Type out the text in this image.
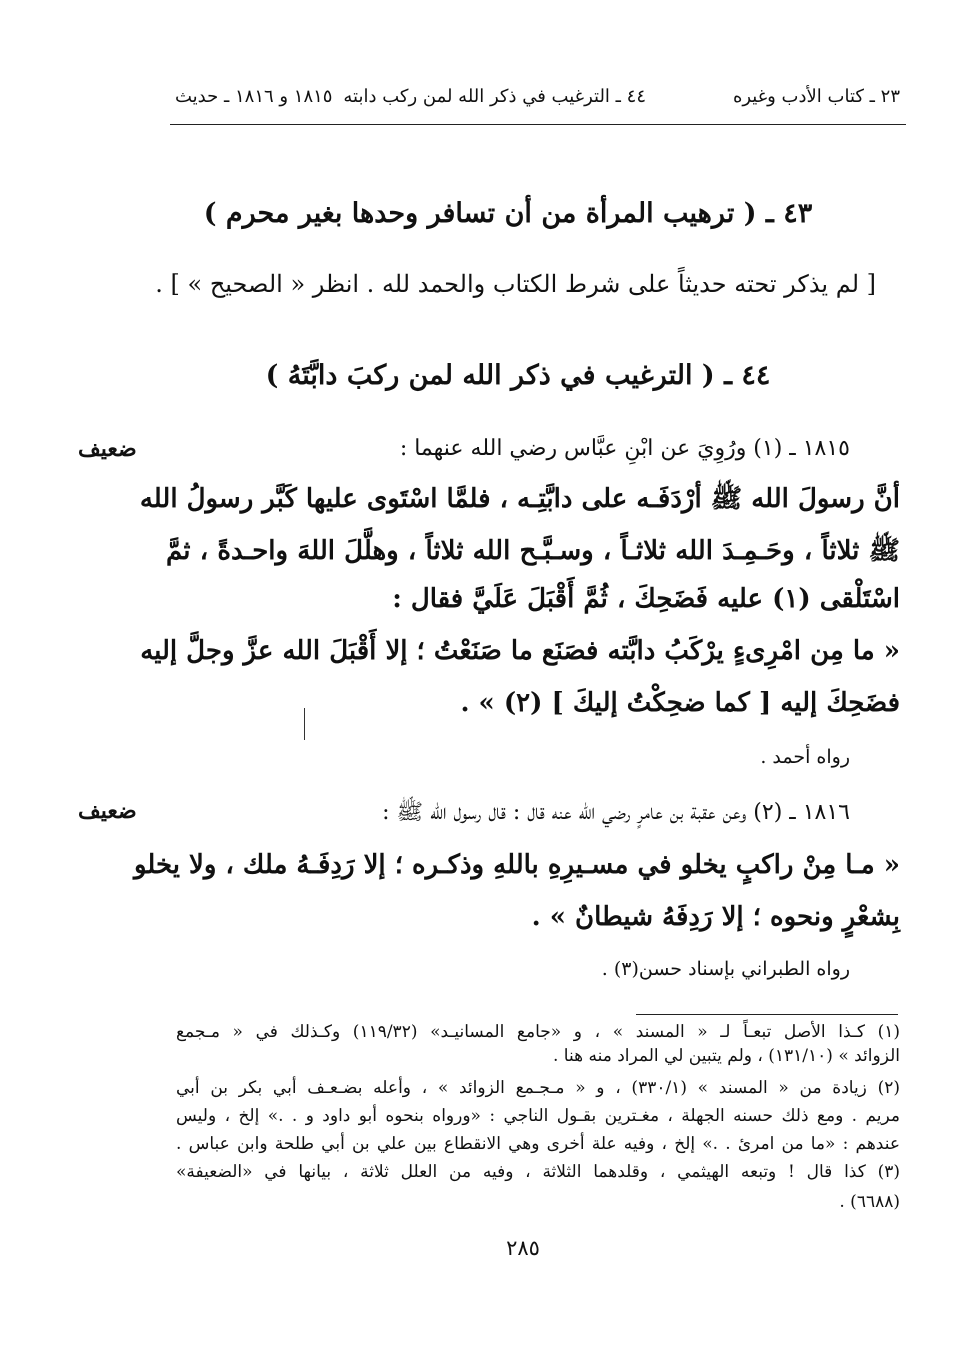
٢٣ ـ كتاب الأدب وغيره
٤٤ ـ الترغيب في ذكر الله لمن ركب دابته
١٨١٥ و ١٨١٦ ـ حديث
٤٣ ـ ( ترهيب المرأة من أن تسافر وحدها بغير محرم )
[ لم يذكر تحته حديثاً على شرط الكتاب والحمد لله . انظر « الصحيح » ] .
٤٤ ـ ( الترغيب في ذكر الله لمن ركبَ دابَّتَهُ )
ضعيف	١٨١٥ ـ (١) ورُوِيَ عن ابْنِ عبَّاس رضي الله عنهما :
أنَّ رسولَ الله ﷺ أرْدَفَـه على دابَّتِـه ، فلمَّا اسْتَوى عليها كَبَّر رسولُ الله
ﷺ ثلاثاً ، وحَـمِـدَ الله ثلاثـاً ، وسـبَّـح الله ثلاثاً ، وهلَّلَ اللهَ واحـدةً ، ثمَّ
اسْتَلْقى (١) عليه فَضَحِكَ ، ثُمَّ أَقْبَلَ عَلَيَّ فقال :
« ما مِن امْرِىءٍ يرْكَبُ دابَّته فصَنَع ما صَنَعْتُ ؛ إلا أَقْبَلَ الله عزَّ وجلَّ إليه
فضَحِكَ إليه [ كما ضحِكْتُ إليكَ ] (٢) » .
رواه أحمد .
ضعيف	١٨١٦ ـ (٢) وعن عقبة بن عامرٍ رضي الله عنه قال : قال رسول الله ﷺ :
« مـا مِنْ راكبٍ يخلو في مسـيرِهِ باللهِ وذكـره ؛ إلا رَدِفَـهُ ملك ، ولا يخلو
بِشعْرٍ ونحوه ؛ إلا رَدِفَهُ شيطانٌ » .
رواه الطبراني بإسناد حسن(٣) .
(١) كـذا الأصل تبعـاً لـ « المسند » ، و «جامع المسانيـد» (١١٩/٣٢) وكـذلك في « مـجمع
الزوائد » (١٣١/١٠) ، ولم يتبين لي المراد منه هنا .
(٢) زيادة من « المسند » (٣٣٠/١) ، و « مـجـمع الزوائد » ، وأعله بضـعـف أبي بكر بن أبي
مريم . ومع ذلك حسنه الجهلة ، مغـترين بقـول الناجي : «ورواه بنحوه أبو داود و . .» إلخ ، وليس
عندهم : «ما من امرئ . .» إلخ ، وفيه علة أخرى وهي الانقطاع بين علي بن أبي طلحة وابن عباس .
(٣) كذا قال ! وتبعه الهيثمي ، وقلدهما الثلاثة ، وفيه من العلل ثلاثة ، بيانها في «الضعيفة»
(٦٦٨٨) .
٢٨٥
